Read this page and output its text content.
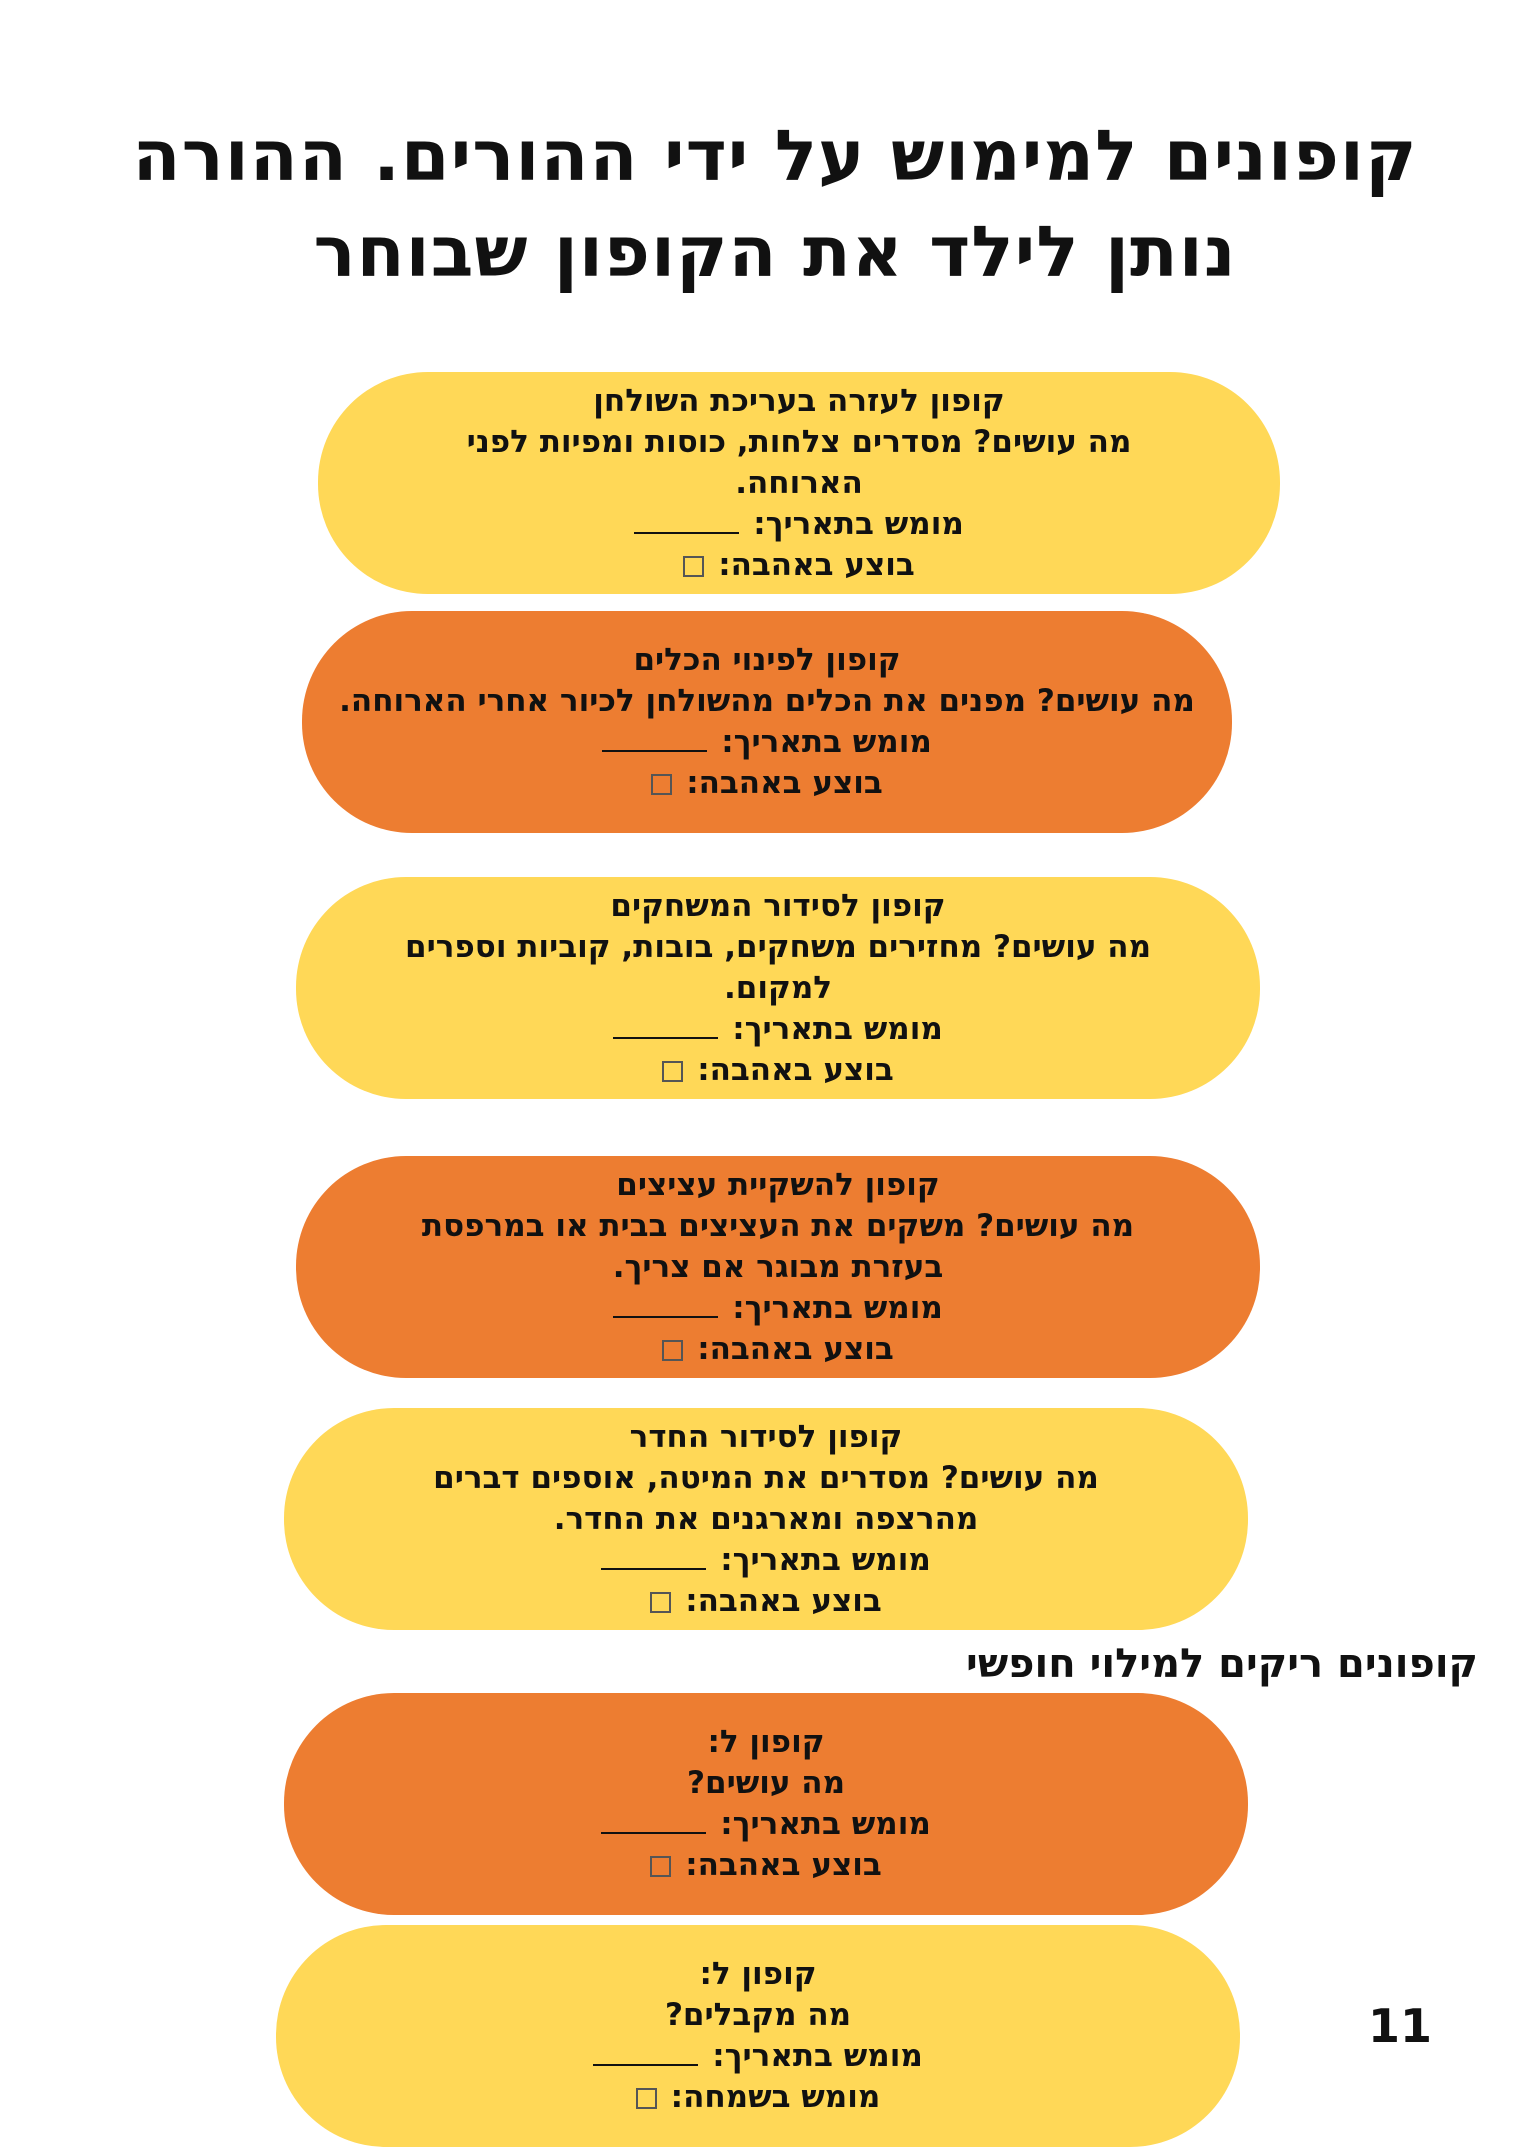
קופונים למימוש על ידי ההורים. ההורה
נותן לילד את הקופון שבוחר
קופון לעזרה בעריכת השולחן
מה עושים? מסדרים צלחות, כוסות ומפיות לפני הארוחה.
מומש בתאריך:
בוצע באהבה:
קופון לפינוי הכלים
מה עושים? מפנים את הכלים מהשולחן לכיור אחרי הארוחה.
מומש בתאריך:
בוצע באהבה:
קופון לסידור המשחקים
מה עושים? מחזירים משחקים, בובות, קוביות וספרים למקום.
מומש בתאריך:
בוצע באהבה:
קופון להשקיית עציצים
מה עושים? משקים את העציצים בבית או במרפסת בעזרת מבוגר אם צריך.
מומש בתאריך:
בוצע באהבה:
קופון לסידור החדר
מה עושים? מסדרים את המיטה, אוספים דברים מהרצפה ומארגנים את החדר.
מומש בתאריך:
בוצע באהבה:
קופונים ריקים למילוי חופשי
קופון ל:
מה עושים?
מומש בתאריך:
בוצע באהבה:
קופון ל:
מה מקבלים?
מומש בתאריך:
מומש בשמחה:
11
